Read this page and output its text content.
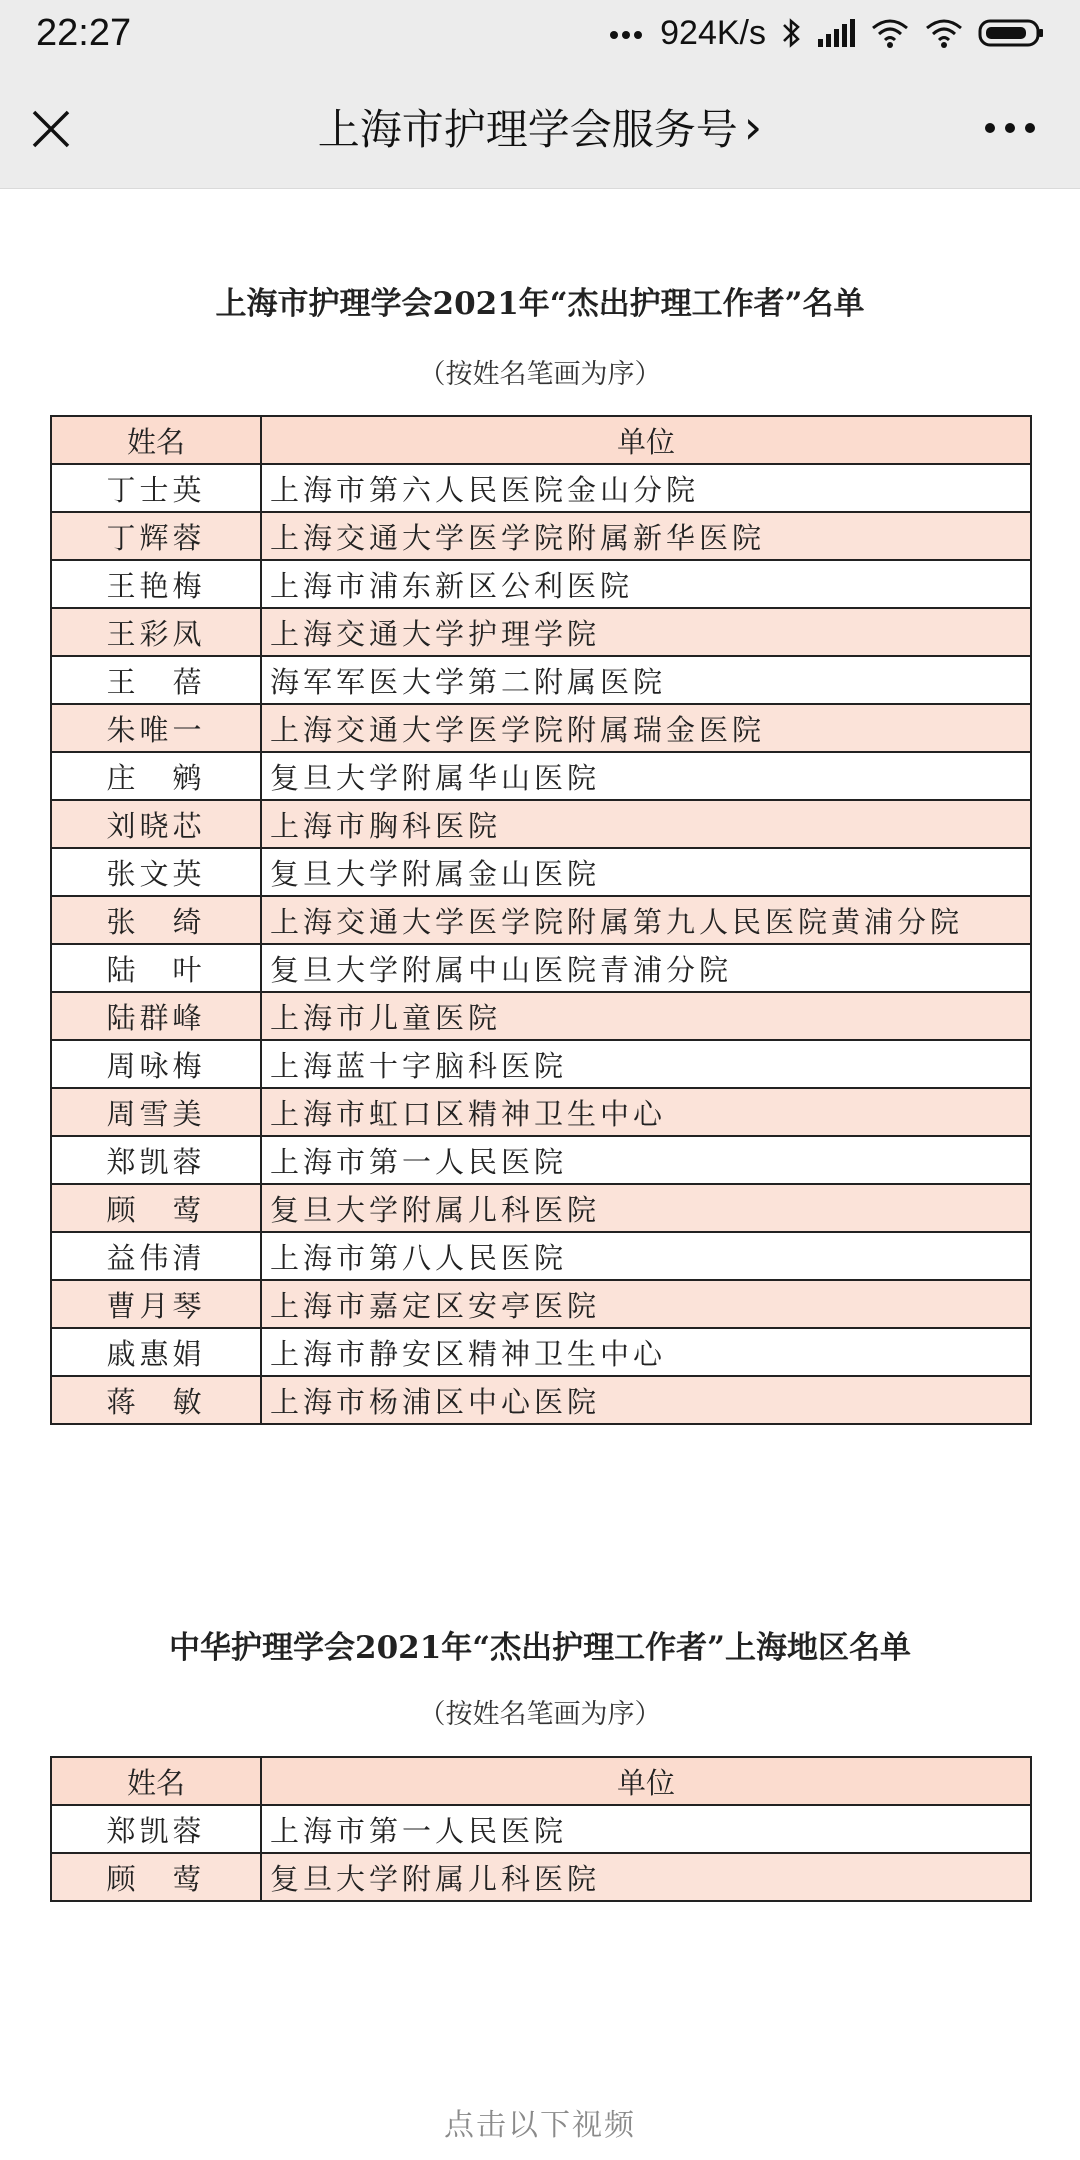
22:27	924K/s
上海市护理学会服务号 ›
上海市护理学会2021年“杰出护理工作者”名单
（按姓名笔画为序）
姓名	单位
丁士英	上海市第六人民医院金山分院
丁辉蓉	上海交通大学医学院附属新华医院
王艳梅	上海市浦东新区公利医院
王彩凤	上海交通大学护理学院
王　蓓	海军军医大学第二附属医院
朱唯一	上海交通大学医学院附属瑞金医院
庄　鹓	复旦大学附属华山医院
刘晓芯	上海市胸科医院
张文英	复旦大学附属金山医院
张　绮	上海交通大学医学院附属第九人民医院黄浦分院
陆　叶	复旦大学附属中山医院青浦分院
陆群峰	上海市儿童医院
周咏梅	上海蓝十字脑科医院
周雪美	上海市虹口区精神卫生中心
郑凯蓉	上海市第一人民医院
顾　莺	复旦大学附属儿科医院
益伟清	上海市第八人民医院
曹月琴	上海市嘉定区安亭医院
戚惠娟	上海市静安区精神卫生中心
蒋　敏	上海市杨浦区中心医院
中华护理学会2021年“杰出护理工作者”上海地区名单
（按姓名笔画为序）
姓名	单位
郑凯蓉	上海市第一人民医院
顾　莺	复旦大学附属儿科医院
点击以下视频
